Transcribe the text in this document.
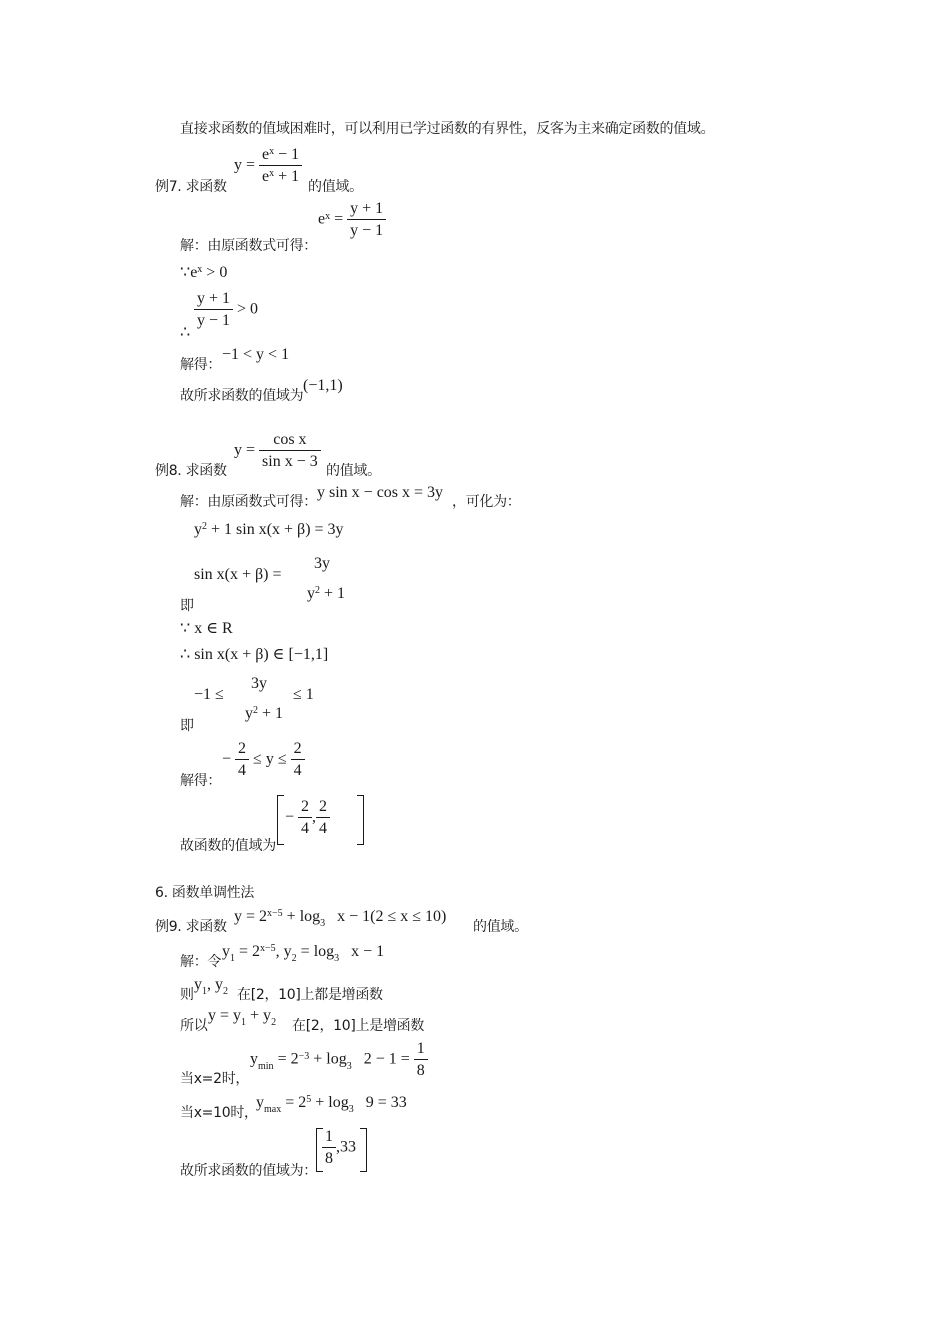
直接求函数的值域困难时，可以利用已学过函数的有界性，反客为主来确定函数的值域。
例7. 求函数
$y = \frac{e^x - 1}{e^x + 1}$
的值域。
解：由原函数式可得：
$e^x = \frac{y + 1}{y - 1}$
$\because e^x > 0$
∴
$\frac{y + 1}{y - 1} > 0$
解得：
−1 < y < 1
故所求函数的值域为
(−1,1)
例8. 求函数
$y = \frac{\text{cos x}}{\text{sin x − 3}}$ 的值域。
解：由原函数式可得：
y sin x − cos x = 3y
，可化为：
$y^2 + 1$ sin x(x + β) = 3y
sin x(x + β) =
3y
$y^2 + 1$
即
∵ x ∈ R
∴ sin x(x + β) ∈ [−1,1]
−1 ≤
3y
$y^2 + 1$
≤ 1
即
解得：
− $\frac{2}{4} \le y \le \frac{2}{4}$
故函数的值域为
− $\frac{2}{4}$ , $\frac{2}{4}$
6. 函数单调性法
例9. 求函数
$y = 2^{x-5} + \log_3 x - 1(2 \le x \le 10)$
的值域。
解：令
$y_1 = 2^{x-5}$, $y_2 = \log_3 x - 1$
则
$y_1$, $y_2$ 在[2，10]上都是增函数
所以
$y = y_1 + y_2$ 在[2，10]上是增函数
当x=2时，
$y_{min} = 2^{-3} + \log_3 2 - 1 = \frac{1}{8}$
当x=10时，
$y_{max} = 2^5 + \log_3 9 = 33$
故所求函数的值域为：
$\frac{1}{8} ,33$
